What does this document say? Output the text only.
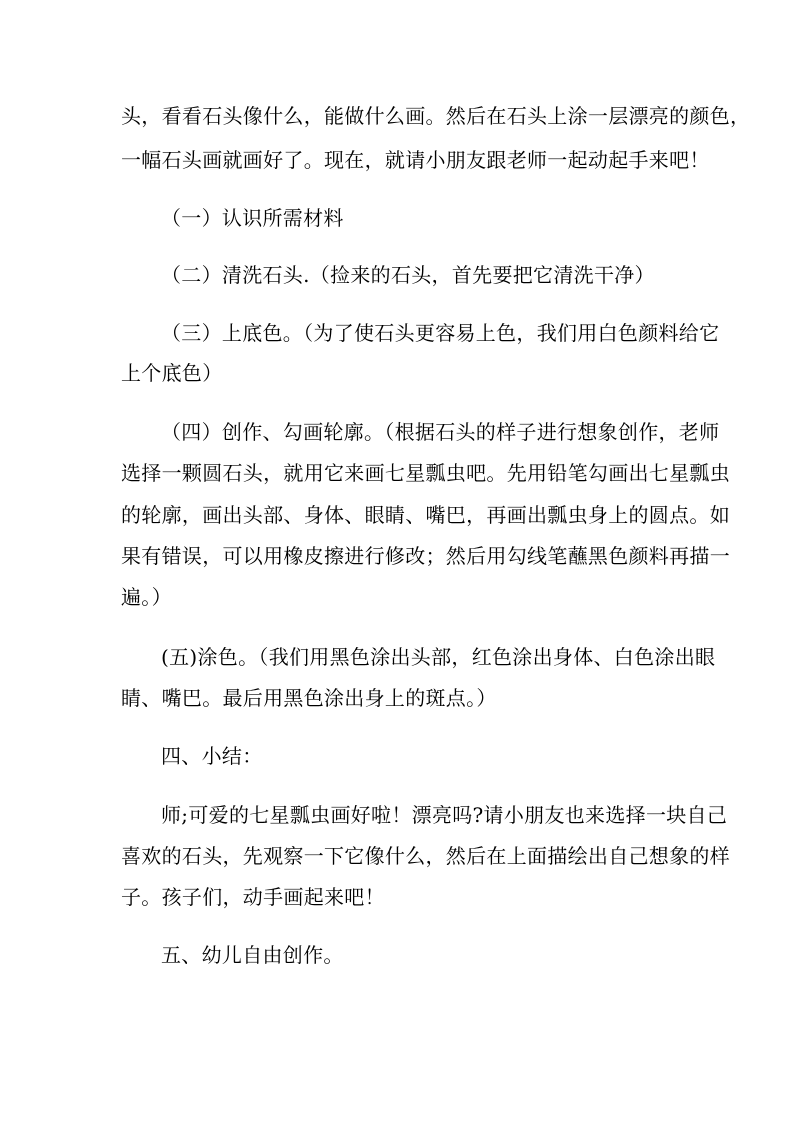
头，看看石头像什么，能做什么画。然后在石头上涂一层漂亮的颜色，
一幅石头画就画好了。现在，就请小朋友跟老师一起动起手来吧！
（一）认识所需材料
（二）清洗石头.（捡来的石头，首先要把它清洗干净）
（三）上底色。（为了使石头更容易上色，我们用白色颜料给它
上个底色）
（四）创作、勾画轮廓。（根据石头的样子进行想象创作，老师
选择一颗圆石头，就用它来画七星瓢虫吧。先用铅笔勾画出七星瓢虫
的轮廓，画出头部、身体、眼睛、嘴巴，再画出瓢虫身上的圆点。如
果有错误，可以用橡皮擦进行修改；然后用勾线笔蘸黑色颜料再描一
遍。）
(五)涂色。（我们用黑色涂出头部，红色涂出身体、白色涂出眼
睛、嘴巴。最后用黑色涂出身上的斑点。）
四、小结：
师;可爱的七星瓢虫画好啦！漂亮吗?请小朋友也来选择一块自己
喜欢的石头，先观察一下它像什么，然后在上面描绘出自己想象的样
子。孩子们，动手画起来吧！
五、幼儿自由创作。
